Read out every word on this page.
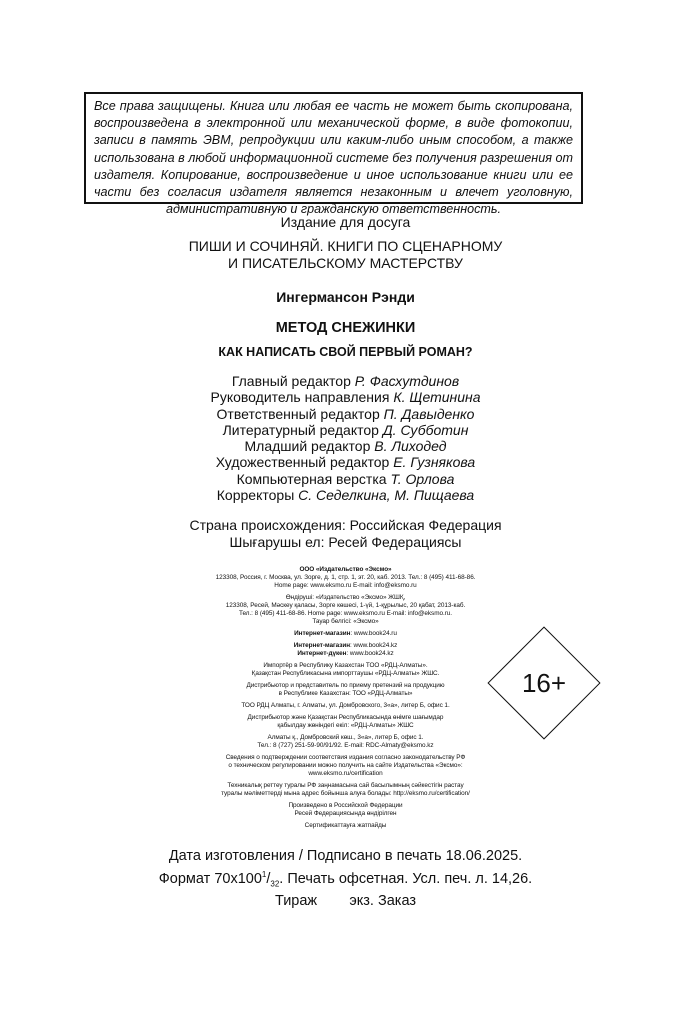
Все права защищены. Книга или любая ее часть не может быть скопирована, воспроизведена в электронной или механической форме, в виде фотокопии, записи в память ЭВМ, репродукции или каким-либо иным способом, а также использована в любой информационной системе без получения разрешения от издателя. Копирование, воспроизведение и иное использование книги или ее части без согласия издателя является незаконным и влечет уголовную, административную и гражданскую ответственность.
Издание для досуга
ПИШИ И СОЧИНЯЙ. КНИГИ ПО СЦЕНАРНОМУ
И ПИСАТЕЛЬСКОМУ МАСТЕРСТВУ
Ингермансон Рэнди
МЕТОД СНЕЖИНКИ
КАК НАПИСАТЬ СВОЙ ПЕРВЫЙ РОМАН?
Главный редактор Р. Фасхутдинов
Руководитель направления К. Щетинина
Ответственный редактор П. Давыденко
Литературный редактор Д. Субботин
Младший редактор В. Лиходед
Художественный редактор Е. Гузнякова
Компьютерная верстка Т. Орлова
Корректоры С. Седелкина, М. Пищаева
Страна происхождения: Российская Федерация
Шығарушы ел: Ресей Федерациясы
ООО «Издательство «Эксмо»
123308, Россия, г. Москва, ул. Зорге, д. 1, стр. 1, эт. 20, каб. 2013. Тел.: 8 (495) 411-68-86.
Home page: www.eksmo.ru E-mail: info@eksmo.ru
Өндіруші: «Издательство «Эксмо» ЖШҚ,
123308, Ресей, Мәскеу қаласы, Зорге көшесі, 1-үй, 1-құрылыс, 20 қабат, 2013-каб.
Тел.: 8 (495) 411-68-86. Home page: www.eksmo.ru E-mail: info@eksmo.ru.
Тауар белгісі: «Эксмо»
Интернет-магазин: www.book24.ru
Интернет-магазин: www.book24.kz
Интернет-дүкен: www.book24.kz
Импортёр в Республику Казахстан ТОО «РДЦ-Алматы».
Қазақстан Республикасына импорттаушы «РДЦ-Алматы» ЖШС.
Дистрибьютор и представитель по приему претензий на продукцию
в Республике Казахстан: ТОО «РДЦ-Алматы»
ТОО РДЦ Алматы, г. Алматы, ул. Домбровского, 3«а», литер Б, офис 1.
Дистрибьютор және Қазақстан Республикасында өнімге шағымдар
қабылдау жөніндегі екіл: «РДЦ-Алматы» ЖШС
Алматы қ., Домбровский көш., 3«а», литер Б, офис 1.
Тел.: 8 (727) 251-59-90/91/92. E-mail: RDC-Almaty@eksmo.kz
Сведения о подтверждении соответствия издания согласно законодательству РФ
о техническом регулировании можно получить на сайте Издательства «Эксмо»:
www.eksmo.ru/certification
Техникалық реттеу туралы РФ заңнамасына сай басылымның сәйкестігін растау
туралы мәліметтерді мына адрес бойынша алуға болады: http://eksmo.ru/certification/
Произведено в Российской Федерации
Ресей Федерациясында өндірілген
Сертификаттауға жатпайды
16+
Дата изготовления / Подписано в печать 18.06.2025.
Формат $70x100^1/_{32}$. Печать офсетная. Усл. печ. л. 14,26.
Тираж        экз. Заказ
